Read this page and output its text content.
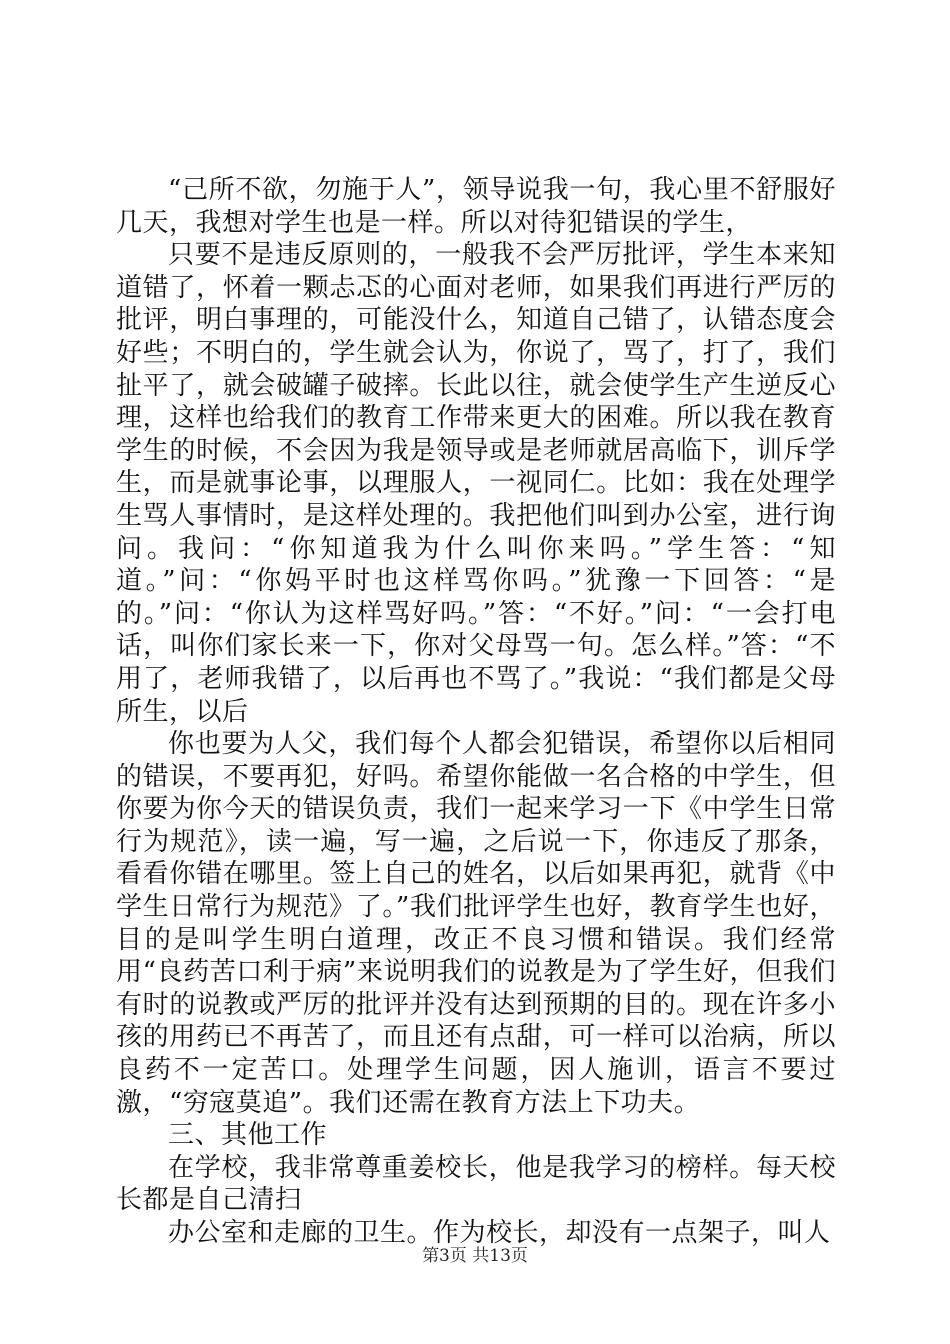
“己所不欲，勿施于人”，领导说我一句，我心里不舒服好几天，我想对学生也是一样。所以对待犯错误的学生，

只要不是违反原则的，一般我不会严厉批评，学生本来知道错了，怀着一颗忐忑的心面对老师，如果我们再进行严厉的批评，明白事理的，可能没什么，知道自己错了，认错态度会好些；不明白的，学生就会认为，你说了，骂了，打了，我们扯平了，就会破罐子破摔。长此以往，就会使学生产生逆反心理，这样也给我们的教育工作带来更大的困难。所以我在教育学生的时候，不会因为我是领导或是老师就居高临下，训斥学生，而是就事论事，以理服人，一视同仁。比如：我在处理学生骂人事情时，是这样处理的。我把他们叫到办公室，进行询问。我问：“你知道我为什么叫你来吗。”学生答：“知道。”问：“你妈平时也这样骂你吗。”犹豫一下回答：“是的。”问：“你认为这样骂好吗。”答：“不好。”问：“一会打电话，叫你们家长来一下，你对父母骂一句。怎么样。”答：“不用了，老师我错了，以后再也不骂了。”我说：“我们都是父母所生，以后

你也要为人父，我们每个人都会犯错误，希望你以后相同的错误，不要再犯，好吗。希望你能做一名合格的中学生，但你要为你今天的错误负责，我们一起来学习一下《中学生日常行为规范》，读一遍，写一遍，之后说一下，你违反了那条，看看你错在哪里。签上自己的姓名，以后如果再犯，就背《中学生日常行为规范》了。”我们批评学生也好，教育学生也好，目的是叫学生明白道理，改正不良习惯和错误。我们经常用“良药苦口利于病”来说明我们的说教是为了学生好，但我们有时的说教或严厉的批评并没有达到预期的目的。现在许多小孩的用药已不再苦了，而且还有点甜，可一样可以治病，所以良药不一定苦口。处理学生问题，因人施训，语言不要过激，“穷寇莫追”。我们还需在教育方法上下功夫。

三、其他工作

在学校，我非常尊重姜校长，他是我学习的榜样。每天校长都是自己清扫

办公室和走廊的卫生。作为校长，却没有一点架子，叫人

第3页 共13页
